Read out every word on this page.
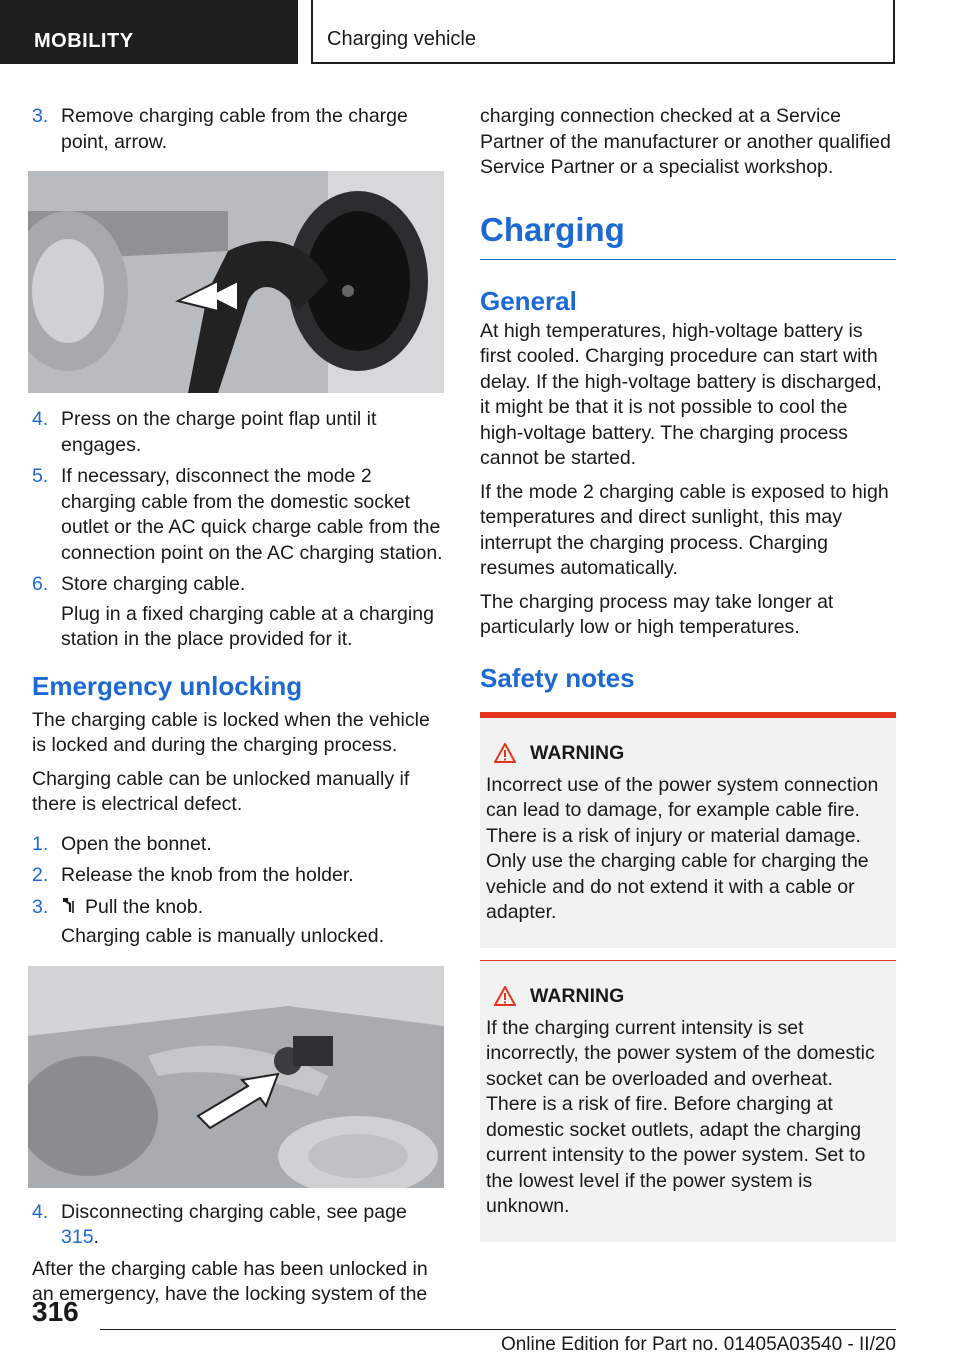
MOBILITY	Charging vehicle
3. Remove charging cable from the charge point, arrow.
4. Press on the charge point flap until it engages.
5. If necessary, disconnect the mode 2 charging cable from the domestic socket outlet or the AC quick charge cable from the connection point on the AC charging station.
6. Store charging cable.
Plug in a fixed charging cable at a charging station in the place provided for it.
Emergency unlocking

The charging cable is locked when the vehicle is locked and during the charging process.

Charging cable can be unlocked manually if there is electrical defect.

1. Open the bonnet.
2. Release the knob from the holder.
3. Pull the knob.
Charging cable is manually unlocked.
4. Disconnecting charging cable, see page 315.

After the charging cable has been unlocked in an emergency, have the locking system of the

charging connection checked at a Service Partner of the manufacturer or another qualified Service Partner or a specialist workshop.

Charging
General

At high temperatures, high-voltage battery is first cooled. Charging procedure can start with delay. If the high-voltage battery is discharged, it might be that it is not possible to cool the high-voltage battery. The charging process cannot be started.

If the mode 2 charging cable is exposed to high temperatures and direct sunlight, this may interrupt the charging process. Charging resumes automatically.

The charging process may take longer at particularly low or high temperatures.

Safety notes
WARNING

Incorrect use of the power system connection can lead to damage, for example cable fire. There is a risk of injury or material damage. Only use the charging cable for charging the vehicle and do not extend it with a cable or adapter.

WARNING

If the charging current intensity is set incorrectly, the power system of the domestic socket can be overloaded and overheat. There is a risk of fire. Before charging at domestic socket outlets, adapt the charging current intensity to the power system. Set to the lowest level if the power system is unknown.

316
Online Edition for Part no. 01405A03540 - II/20
